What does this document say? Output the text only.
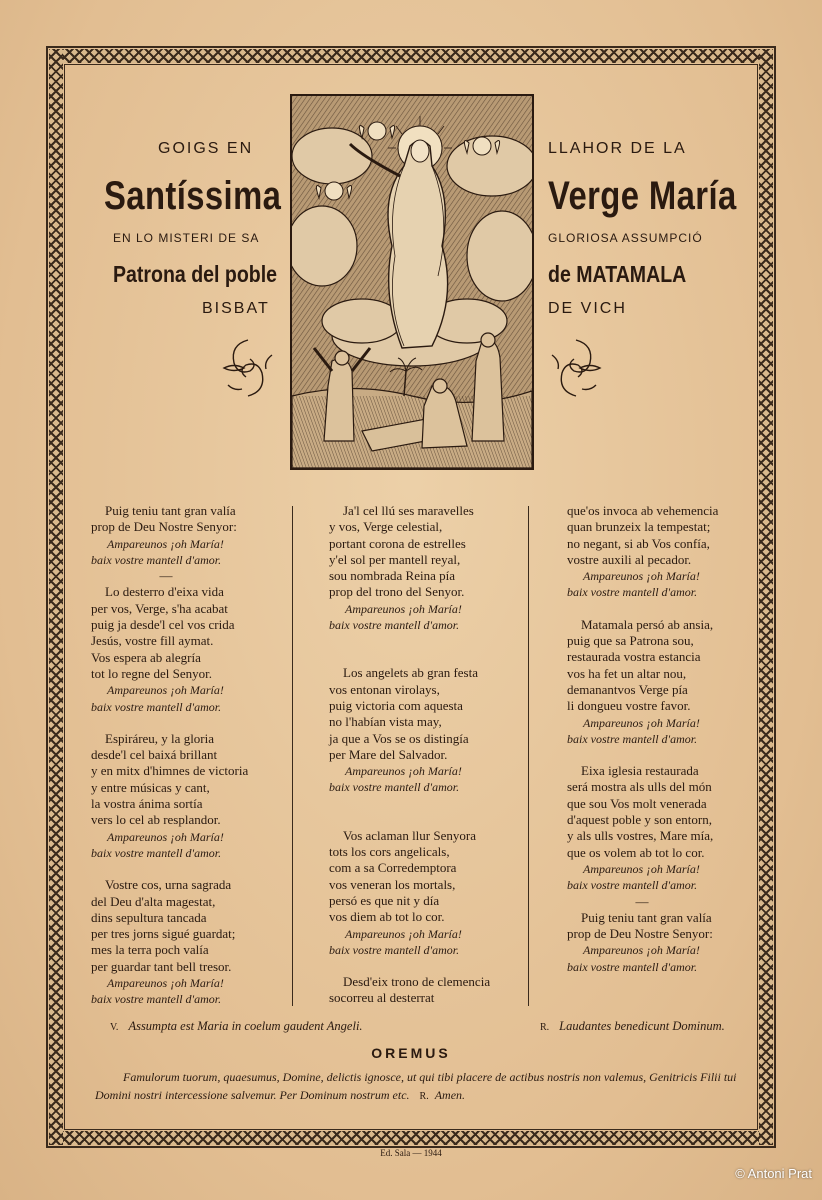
GOIGS EN
Santíssima
EN LO MISTERI DE SA
Patrona del poble
BISBAT
LLAHOR DE LA
Verge María
GLORIOSA ASSUMPCIÓ
de MATAMALA
DE VICH
Puig teniu tant gran valía
prop de Deu Nostre Senyor:
Ampareunos ¡oh María!
baix vostre mantell d'amor.
—
Lo desterro d'eixa vida
per vos, Verge, s'ha acabat
puig ja desde'l cel vos crida
Jesús, vostre fill aymat.
Vos espera ab alegría
tot lo regne del Senyor.
Ampareunos ¡oh María!
baix vostre mantell d'amor.
Espiráreu, y la gloria
desde'l cel baixá brillant
y en mitx d'himnes de victoria
y entre músicas y cant,
la vostra ánima sortía
vers lo cel ab resplandor.
Ampareunos ¡oh María!
baix vostre mantell d'amor.
Vostre cos, urna sagrada
del Deu d'alta magestat,
dins sepultura tancada
per tres jorns sigué guardat;
mes la terra poch valía
per guardar tant bell tresor.
Ampareunos ¡oh María!
baix vostre mantell d'amor.
Ja'l cel llú ses maravelles
y vos, Verge celestial,
portant corona de estrelles
y'el sol per mantell reyal,
sou nombrada Reina pía
prop del trono del Senyor.
Ampareunos ¡oh María!
baix vostre mantell d'amor.
Los angelets ab gran festa
vos entonan virolays,
puig victoria com aquesta
no l'habían vista may,
ja que a Vos se os distingía
per Mare del Salvador.
Ampareunos ¡oh María!
baix vostre mantell d'amor.
Vos aclaman llur Senyora
tots los cors angelicals,
com a sa Corredemptora
vos veneran los mortals,
persó es que nit y día
vos diem ab tot lo cor.
Ampareunos ¡oh María!
baix vostre mantell d'amor.
Desd'eix trono de clemencia
socorreu al desterrat
que'os invoca ab vehemencia
quan brunzeix la tempestat;
no negant, si ab Vos confía,
vostre auxili al pecador.
Ampareunos ¡oh María!
baix vostre mantell d'amor.
Matamala persó ab ansia,
puig que sa Patrona sou,
restaurada vostra estancia
vos ha fet un altar nou,
demanantvos Verge pía
li dongueu vostre favor.
Ampareunos ¡oh María!
baix vostre mantell d'amor.
Eixa iglesia restaurada
será mostra als ulls del món
que sou Vos molt venerada
d'aquest poble y son entorn,
y als ulls vostres, Mare mía,
que os volem ab tot lo cor.
Ampareunos ¡oh María!
baix vostre mantell d'amor.
—
Puig teniu tant gran valía
prop de Deu Nostre Senyor:
Ampareunos ¡oh María!
baix vostre mantell d'amor.
V. Assumpta est Maria in coelum gaudent Angeli.	R. Laudantes benedicunt Dominum.
OREMUS
Famulorum tuorum, quaesumus, Domine, delictis ignosce, ut qui tibi placere de actibus nostris non valemus, Genitricis Filii tui
Domini nostri intercessione salvemur. Per Dominum nostrum etc. R. Amen.
Ed. Sala — 1944
© Antoni Prat
